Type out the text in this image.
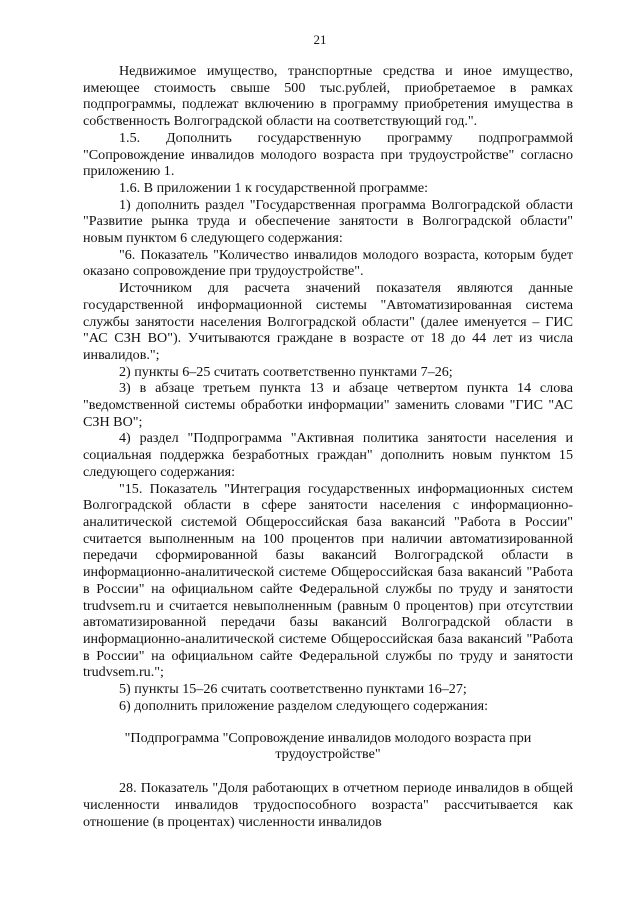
21

Недвижимое имущество, транспортные средства и иное имущество, имеющее стоимость свыше 500 тыс.рублей, приобретаемое в рамках подпрограммы, подлежат включению в программу приобретения имущества в собственность Волгоградской области на соответствующий год.".

1.5. Дополнить государственную программу подпрограммой "Сопровождение инвалидов молодого возраста при трудоустройстве" согласно приложению 1.

1.6. В приложении 1 к государственной программе:

1) дополнить раздел "Государственная программа Волгоградской области "Развитие рынка труда и обеспечение занятости в Волгоградской области" новым пунктом 6 следующего содержания:

"6. Показатель "Количество инвалидов молодого возраста, которым будет оказано сопровождение при трудоустройстве".

Источником для расчета значений показателя являются данные государственной информационной системы "Автоматизированная система службы занятости населения Волгоградской области" (далее именуется – ГИС "АС СЗН ВО"). Учитываются граждане в возрасте от 18 до 44 лет из числа инвалидов.";

2) пункты 6–25 считать соответственно пунктами 7–26;

3) в абзаце третьем пункта 13 и абзаце четвертом пункта 14 слова "ведомственной системы обработки информации" заменить словами "ГИС "АС СЗН ВО";

4) раздел "Подпрограмма "Активная политика занятости населения и социальная поддержка безработных граждан" дополнить новым пунктом 15 следующего содержания:

"15. Показатель "Интеграция государственных информационных систем Волгоградской области в сфере занятости населения с информационно-аналитической системой Общероссийская база вакансий "Работа в России" считается выполненным на 100 процентов при наличии автоматизированной передачи сформированной базы вакансий Волгоградской области в информационно-аналитической системе Общероссийская база вакансий "Работа в России" на официальном сайте Федеральной службы по труду и занятости trudvsem.ru и считается невыполненным (равным 0 процентов) при отсутствии автоматизированной передачи базы вакансий Волгоградской области в информационно-аналитической системе Общероссийская база вакансий "Работа в России" на официальном сайте Федеральной службы по труду и занятости trudvsem.ru.";

5) пункты 15–26 считать соответственно пунктами 16–27;

6) дополнить приложение разделом следующего содержания:

"Подпрограмма "Сопровождение инвалидов молодого возраста при трудоустройстве"

28. Показатель "Доля работающих в отчетном периоде инвалидов в общей численности инвалидов трудоспособного возраста" рассчитывается как отношение (в процентах) численности инвалидов
